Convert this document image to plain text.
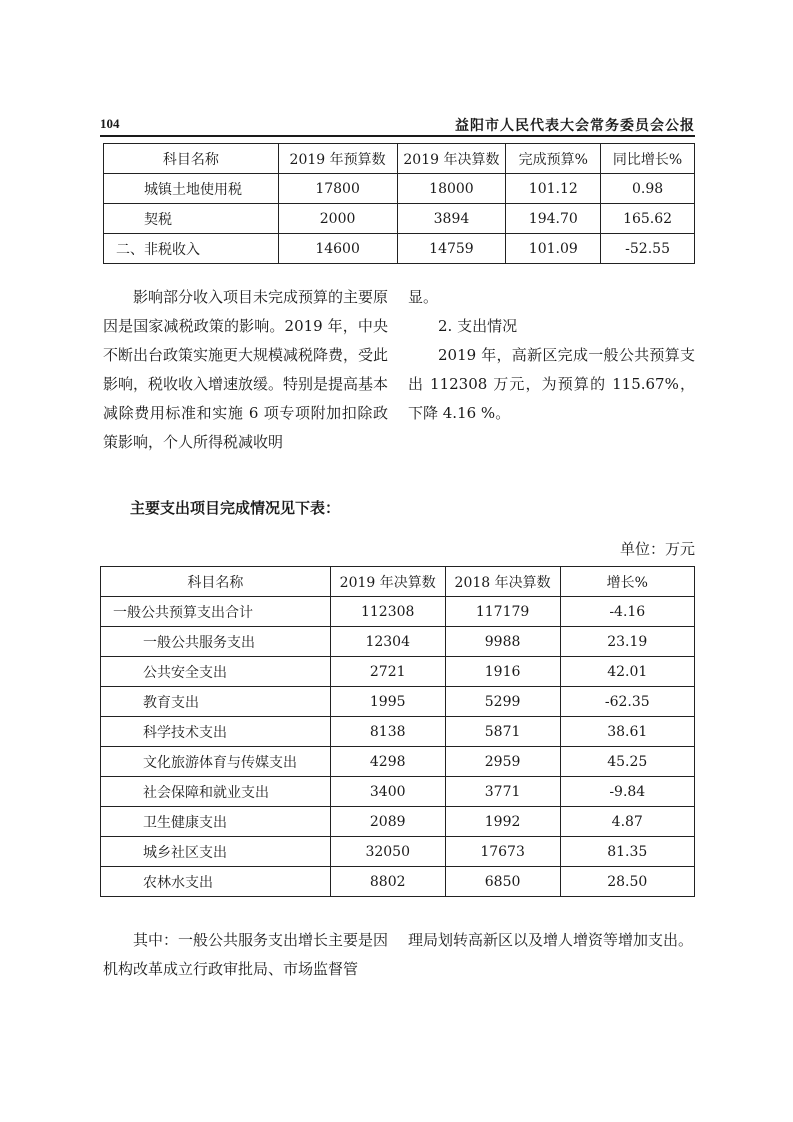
104	益阳市人民代表大会常务委员会公报
科目名称	2019 年预算数	2019 年决算数	完成预算%	同比增长%
城镇土地使用税	17800	18000	101.12	0.98
契税	2000	3894	194.70	165.62
二、非税收入	14600	14759	101.09	-52.55

影响部分收入项目未完成预算的主要原因是国家减税政策的影响。2019 年，中央不断出台政策实施更大规模减税降费，受此影响，税收收入增速放缓。特别是提高基本减除费用标准和实施 6 项专项附加扣除政策影响，个人所得税减收明

显。

2. 支出情况

2019 年，高新区完成一般公共预算支出 112308 万元，为预算的 115.67%，下降 4.16 %。

主要支出项目完成情况见下表：
单位：万元
科目名称	2019 年决算数	2018 年决算数	增长%
一般公共预算支出合计	112308	117179	-4.16
一般公共服务支出	12304	9988	23.19
公共安全支出	2721	1916	42.01
教育支出	1995	5299	-62.35
科学技术支出	8138	5871	38.61
文化旅游体育与传媒支出	4298	2959	45.25
社会保障和就业支出	3400	3771	-9.84
卫生健康支出	2089	1992	4.87
城乡社区支出	32050	17673	81.35
农林水支出	8802	6850	28.50

其中：一般公共服务支出增长主要是因机构改革成立行政审批局、市场监督管

理局划转高新区以及增人增资等增加支出。
